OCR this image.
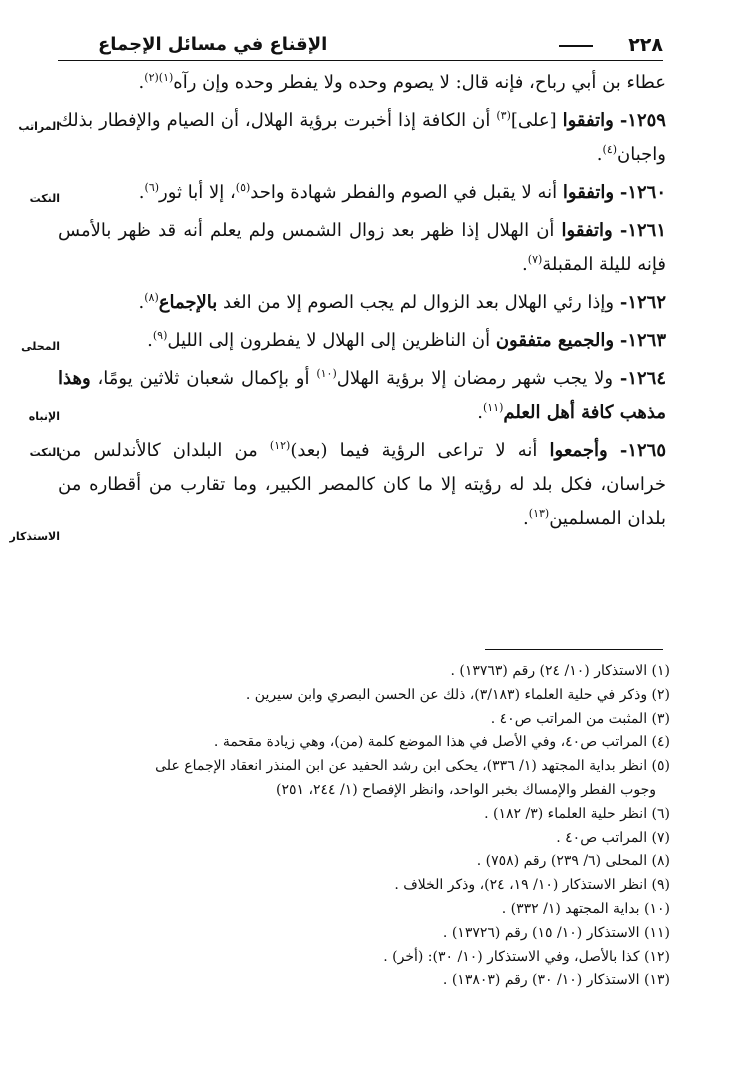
٢٢٨
الإقناع في مسائل الإجماع
المراتب
النكت
المحلى
الإنباه
النكت
الاستذكار

عطاء بن أبي رباح، فإنه قال: لا يصوم وحده ولا يفطر وحده وإن رآه$^{(١)(٢)}$.

١٢٥٩- واتفقوا [على]$^{(٣)}$ أن الكافة إذا أخبرت برؤية الهلال، أن الصيام والإفطار بذلك واجبان$^{(٤)}$.

١٢٦٠- واتفقوا أنه لا يقبل في الصوم والفطر شهادة واحد$^{(٥)}$، إلا أبا ثور$^{(٦)}$.

١٢٦١- واتفقوا أن الهلال إذا ظهر بعد زوال الشمس ولم يعلم أنه قد ظهر بالأمس فإنه لليلة المقبلة$^{(٧)}$.

١٢٦٢- وإذا رئي الهلال بعد الزوال لم يجب الصوم إلا من الغد بالإجماع$^{(٨)}$.

١٢٦٣- والجميع متفقون أن الناظرين إلى الهلال لا يفطرون إلى الليل$^{(٩)}$.

١٢٦٤- ولا يجب شهر رمضان إلا برؤية الهلال$^{(١٠)}$ أو بإكمال شعبان ثلاثين يومًا، وهذا مذهب كافة أهل العلم$^{(١١)}$.

١٢٦٥- وأجمعوا أنه لا تراعى الرؤية فيما (بعد)$^{(١٢)}$ من البلدان كالأندلس من خراسان، فكل بلد له رؤيته إلا ما كان كالمصر الكبير، وما تقارب من أقطاره من بلدان المسلمين$^{(١٣)}$.

(١) الاستذكار (١٠/ ٢٤) رقم (١٣٧٦٣) .

(٢) وذكر في حلية العلماء (٣/١٨٣)، ذلك عن الحسن البصري وابن سيرين .

(٣) المثبت من المراتب ص٤٠ .

(٤) المراتب ص٤٠، وفي الأصل في هذا الموضع كلمة (من)، وهي زيادة مقحمة .

(٥) انظر بداية المجتهد (١/ ٣٣٦)، يحكى ابن رشد الحفيد عن ابن المنذر انعقاد الإجماع على

وجوب الفطر والإمساك بخبر الواحد، وانظر الإفصاح (١/ ٢٤٤، ٢٥١)

(٦) انظر حلية العلماء (٣/ ١٨٢) .

(٧) المراتب ص٤٠ .

(٨) المحلى (٦/ ٢٣٩) رقم (٧٥٨) .

(٩) انظر الاستذكار (١٠/ ١٩، ٢٤)، وذكر الخلاف .

(١٠) بداية المجتهد (١/ ٣٣٢) .

(١١) الاستذكار (١٠/ ١٥) رقم (١٣٧٢٦) .

(١٢) كذا بالأصل، وفي الاستذكار (١٠/ ٣٠): (أخر) .

(١٣) الاستذكار (١٠/ ٣٠) رقم (١٣٨٠٣) .
